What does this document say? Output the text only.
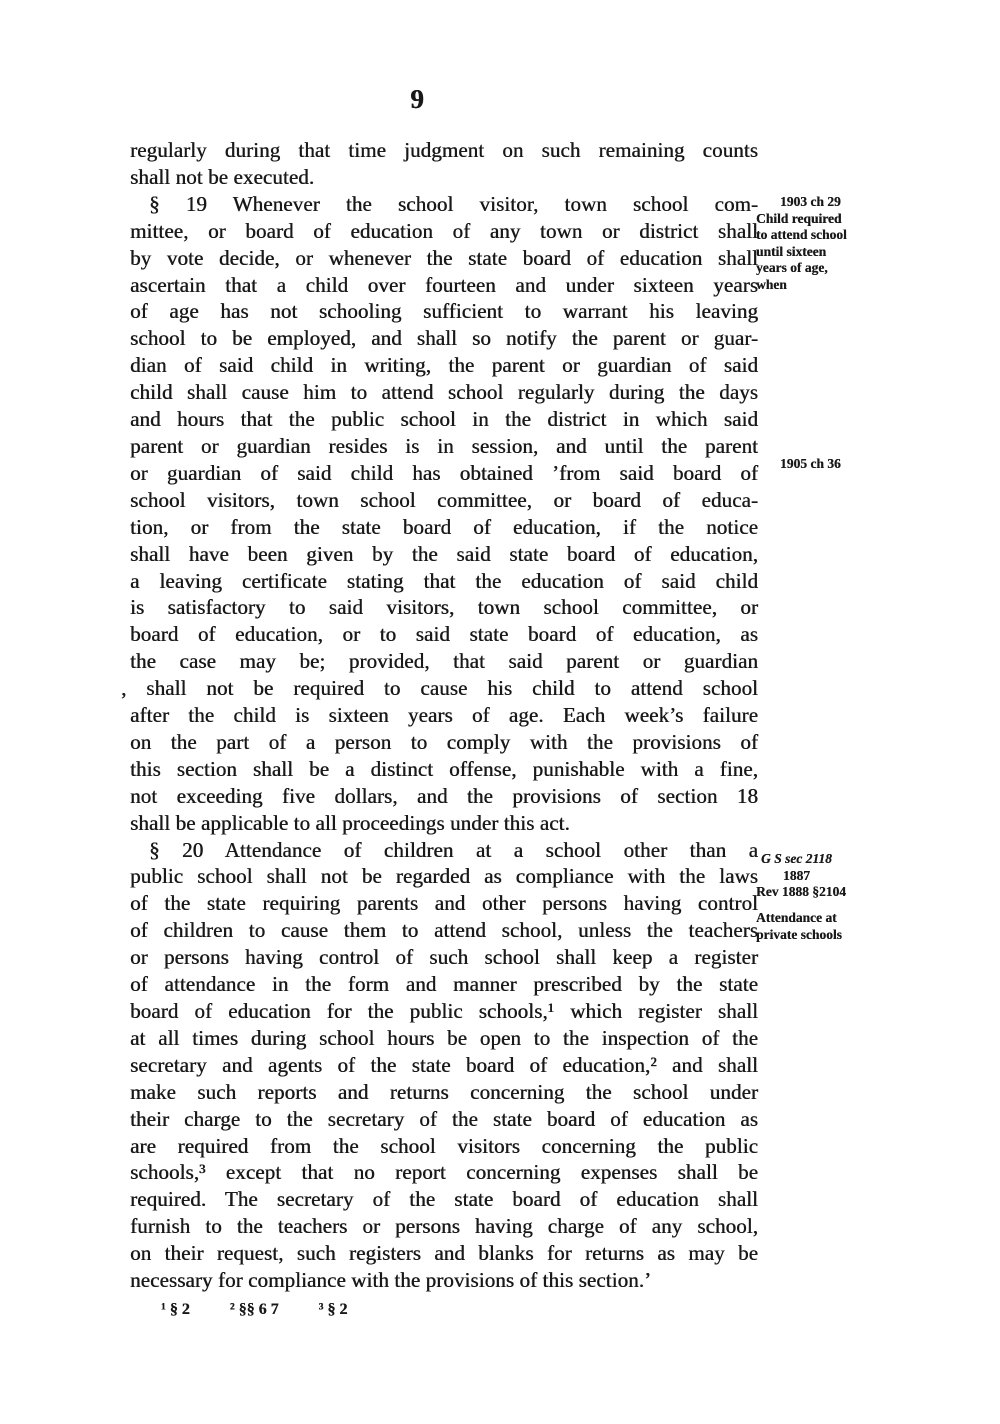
9
regularly during that time judgment on such remaining counts
shall not be executed.
§ 19 Whenever the school visitor, town school com-
mittee, or board of education of any town or district shall
by vote decide, or whenever the state board of education shall
ascertain that a child over fourteen and under sixteen years
of age has not schooling sufficient to warrant his leaving
school to be employed, and shall so notify the parent or guar-
dian of said child in writing, the parent or guardian of said
child shall cause him to attend school regularly during the days
and hours that the public school in the district in which said
parent or guardian resides is in session, and until the parent
or guardian of said child has obtained ʼfrom said board of
school visitors, town school committee, or board of educa-
tion, or from the state board of education, if the notice
shall have been given by the said state board of education,
a leaving certificate stating that the education of said child
is satisfactory to said visitors, town school committee, or
board of education, or to said state board of education, as
the case may be; provided, that said parent or guardian
, shall not be required to cause his child to attend school
after the child is sixteen years of age. Each week’s failure
on the part of a person to comply with the provisions of
this section shall be a distinct offense, punishable with a fine,
not exceeding five dollars, and the provisions of section 18
shall be applicable to all proceedings under this act.
§ 20 Attendance of children at a school other than a
public school shall not be regarded as compliance with the laws
of the state requiring parents and other persons having control
of children to cause them to attend school, unless the teachers
or persons having control of such school shall keep a register
of attendance in the form and manner prescribed by the state
board of education for the public schools,¹ which register shall
at all times during school hours be open to the inspection of the
secretary and agents of the state board of education,² and shall
make such reports and returns concerning the school under
their charge to the secretary of the state board of education as
are required from the school visitors concerning the public
schools,³ except that no report concerning expenses shall be
required. The secretary of the state board of education shall
furnish to the teachers or persons having charge of any school,
on their request, such registers and blanks for returns as may be
necessary for compliance with the provisions of this section.’
1903 ch 29
Child required
to attend school
until sixteen
years of age,
when
1905 ch 36
G S sec 2118
1887
Rev 1888 §2104
Attendance at
private schools
¹ § 2	² §§ 6 7	³ § 2
